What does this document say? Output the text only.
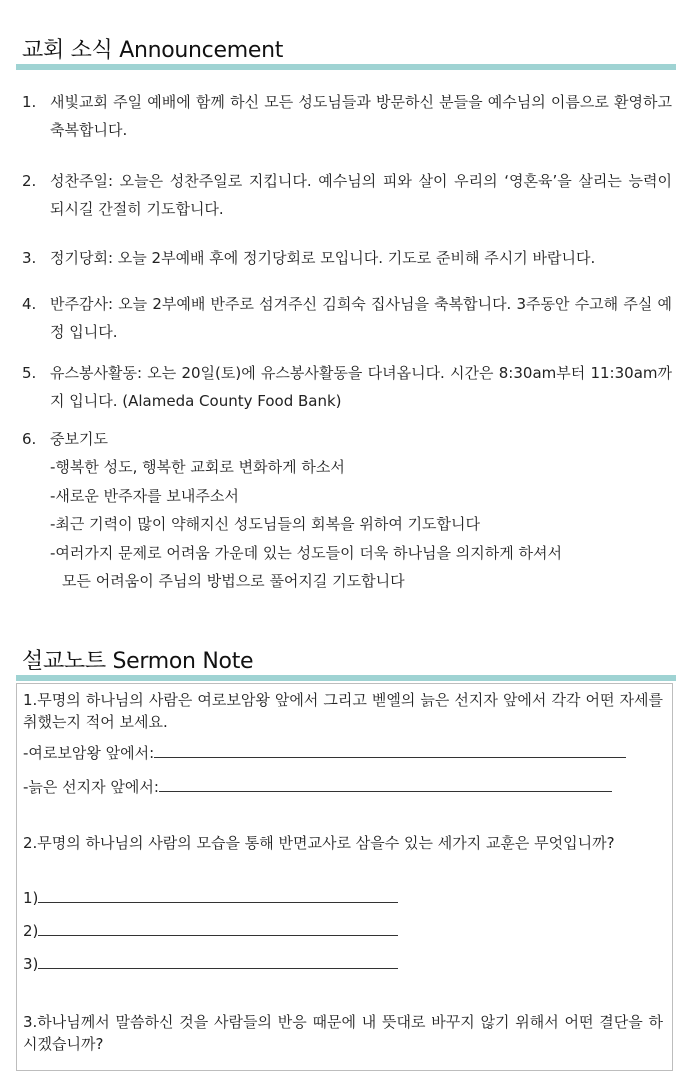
교회 소식 Announcement
1. 새빛교회 주일 예배에 함께 하신 모든 성도님들과 방문하신 분들을 예수님의 이름으로 환영하고 축복합니다.
2. 성찬주일: 오늘은 성찬주일로 지킵니다. 예수님의 피와 살이 우리의 ‘영혼육’을 살리는 능력이 되시길 간절히 기도합니다.
3. 정기당회: 오늘 2부예배 후에 정기당회로 모입니다. 기도로 준비해 주시기 바랍니다.
4. 반주감사: 오늘 2부예배 반주로 섬겨주신 김희숙 집사님을 축복합니다. 3주동안 수고해 주실 예정 입니다.
5. 유스봉사활동: 오는 20일(토)에 유스봉사활동을 다녀옵니다. 시간은 8:30am부터 11:30am까지 입니다. (Alameda County Food Bank)
6. 중보기도
-행복한 성도, 행복한 교회로 변화하게 하소서
-새로운 반주자를 보내주소서
-최근 기력이 많이 약해지신 성도님들의 회복을 위하여 기도합니다
-여러가지 문제로 어려움 가운데 있는 성도들이 더욱 하나님을 의지하게 하셔서
모든 어려움이 주님의 방법으로 풀어지길 기도합니다
설교노트 Sermon Note
1.무명의 하나님의 사람은 여로보암왕 앞에서 그리고 벧엘의 늙은 선지자 앞에서 각각 어떤 자세를 취했는지 적어 보세요.
-여로보암왕 앞에서:
-늙은 선지자 앞에서:
2.무명의 하나님의 사람의 모습을 통해 반면교사로 삼을수 있는 세가지 교훈은 무엇입니까?
1)
2)
3)
3.하나님께서 말씀하신 것을 사람들의 반응 때문에 내 뜻대로 바꾸지 않기 위해서 어떤 결단을 하시겠습니까?
